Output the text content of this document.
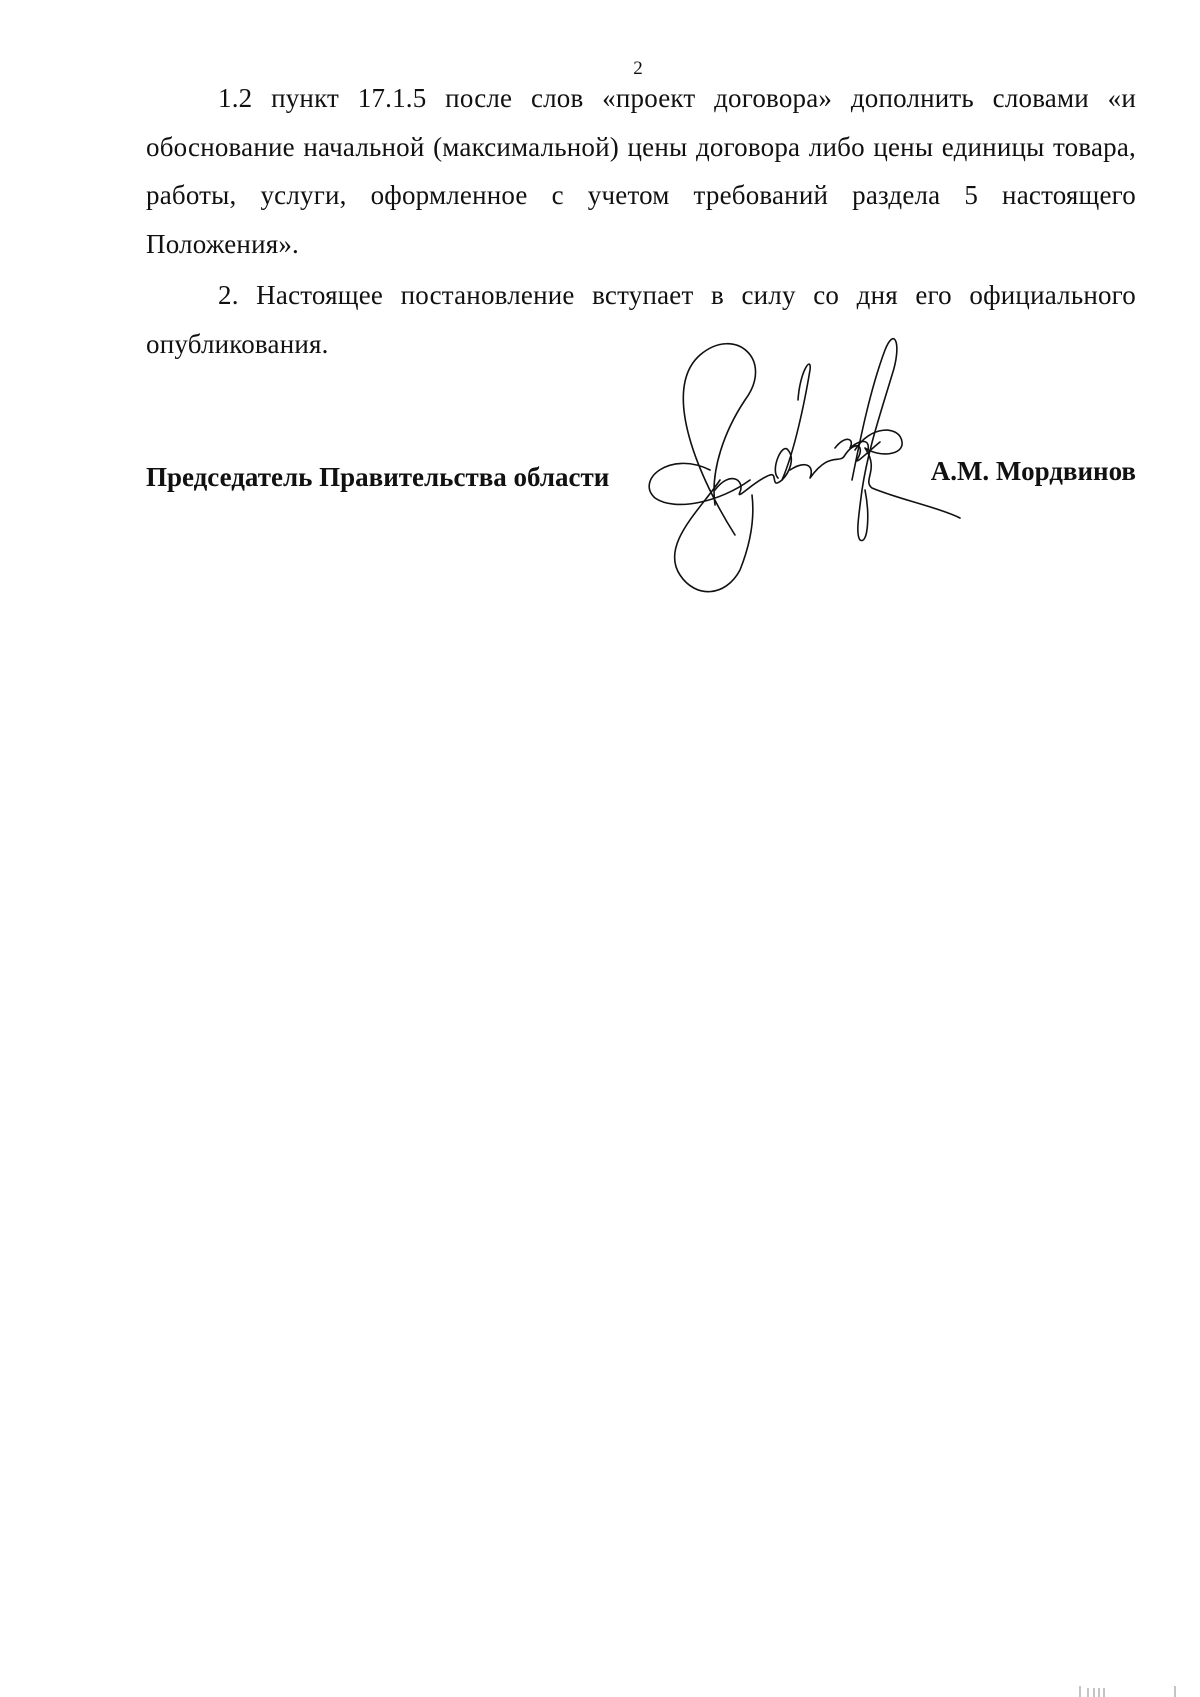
2

1.2 пункт 17.1.5 после слов «проект договора» дополнить словами «и обоснование начальной (максимальной) цены договора либо цены единицы товара, работы, услуги, оформленное с учетом требований раздела 5 настоящего Положения».

2. Настоящее постановление вступает в силу со дня его официального опубликования.

Председатель Правительства области	А.М. Мордвинов
